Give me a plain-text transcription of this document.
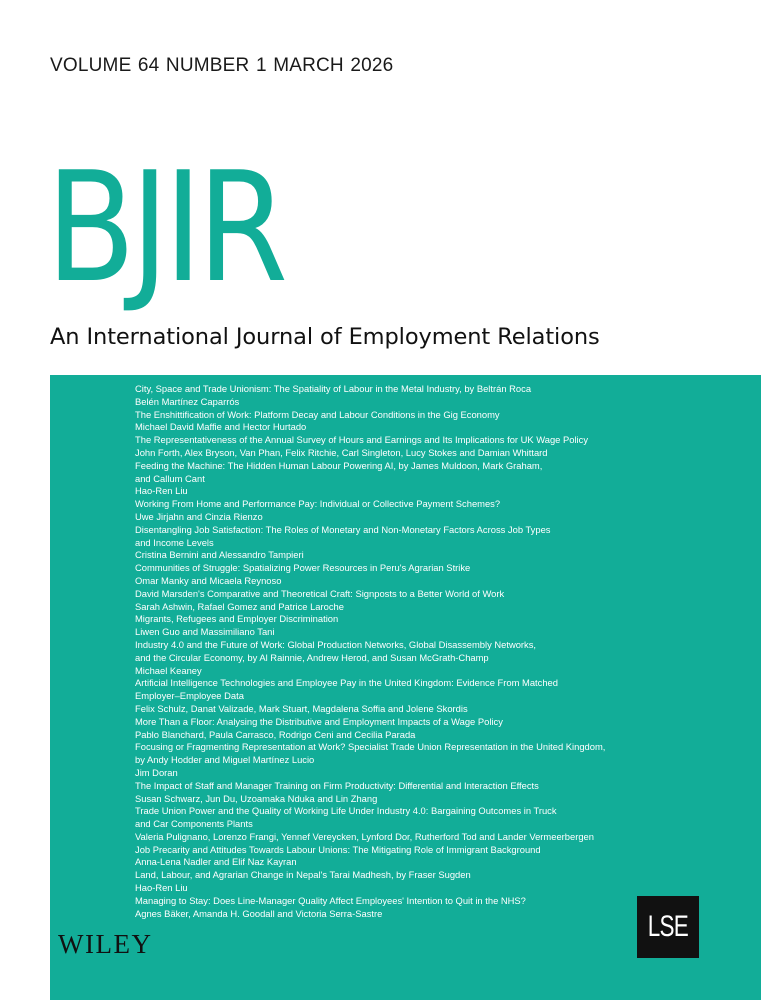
VOLUME 64 NUMBER 1 MARCH 2026
BJIR
An International Journal of Employment Relations
City, Space and Trade Unionism: The Spatiality of Labour in the Metal Industry, by Beltrán Roca
Belén Martínez Caparrós
The Enshittification of Work: Platform Decay and Labour Conditions in the Gig Economy
Michael David Maffie and Hector Hurtado
The Representativeness of the Annual Survey of Hours and Earnings and Its Implications for UK Wage Policy
John Forth, Alex Bryson, Van Phan, Felix Ritchie, Carl Singleton, Lucy Stokes and Damian Whittard
Feeding the Machine: The Hidden Human Labour Powering AI, by James Muldoon, Mark Graham,
and Callum Cant
Hao-Ren Liu
Working From Home and Performance Pay: Individual or Collective Payment Schemes?
Uwe Jirjahn and Cinzia Rienzo
Disentangling Job Satisfaction: The Roles of Monetary and Non-Monetary Factors Across Job Types
and Income Levels
Cristina Bernini and Alessandro Tampieri
Communities of Struggle: Spatializing Power Resources in Peru's Agrarian Strike
Omar Manky and Micaela Reynoso
David Marsden's Comparative and Theoretical Craft: Signposts to a Better World of Work
Sarah Ashwin, Rafael Gomez and Patrice Laroche
Migrants, Refugees and Employer Discrimination
Liwen Guo and Massimiliano Tani
Industry 4.0 and the Future of Work: Global Production Networks, Global Disassembly Networks,
and the Circular Economy, by Al Rainnie, Andrew Herod, and Susan McGrath-Champ
Michael Keaney
Artificial Intelligence Technologies and Employee Pay in the United Kingdom: Evidence From Matched
Employer–Employee Data
Felix Schulz, Danat Valizade, Mark Stuart, Magdalena Soffia and Jolene Skordis
More Than a Floor: Analysing the Distributive and Employment Impacts of a Wage Policy
Pablo Blanchard, Paula Carrasco, Rodrigo Ceni and Cecilia Parada
Focusing or Fragmenting Representation at Work? Specialist Trade Union Representation in the United Kingdom,
by Andy Hodder and Miguel Martínez Lucio
Jim Doran
The Impact of Staff and Manager Training on Firm Productivity: Differential and Interaction Effects
Susan Schwarz, Jun Du, Uzoamaka Nduka and Lin Zhang
Trade Union Power and the Quality of Working Life Under Industry 4.0: Bargaining Outcomes in Truck
and Car Components Plants
Valeria Pulignano, Lorenzo Frangi, Yennef Vereycken, Lynford Dor, Rutherford Tod and Lander Vermeerbergen
Job Precarity and Attitudes Towards Labour Unions: The Mitigating Role of Immigrant Background
Anna-Lena Nadler and Elif Naz Kayran
Land, Labour, and Agrarian Change in Nepal's Tarai Madhesh, by Fraser Sugden
Hao-Ren Liu
Managing to Stay: Does Line-Manager Quality Affect Employees' Intention to Quit in the NHS?
Agnes Bäker, Amanda H. Goodall and Victoria Serra-Sastre
WILEY
LSE
